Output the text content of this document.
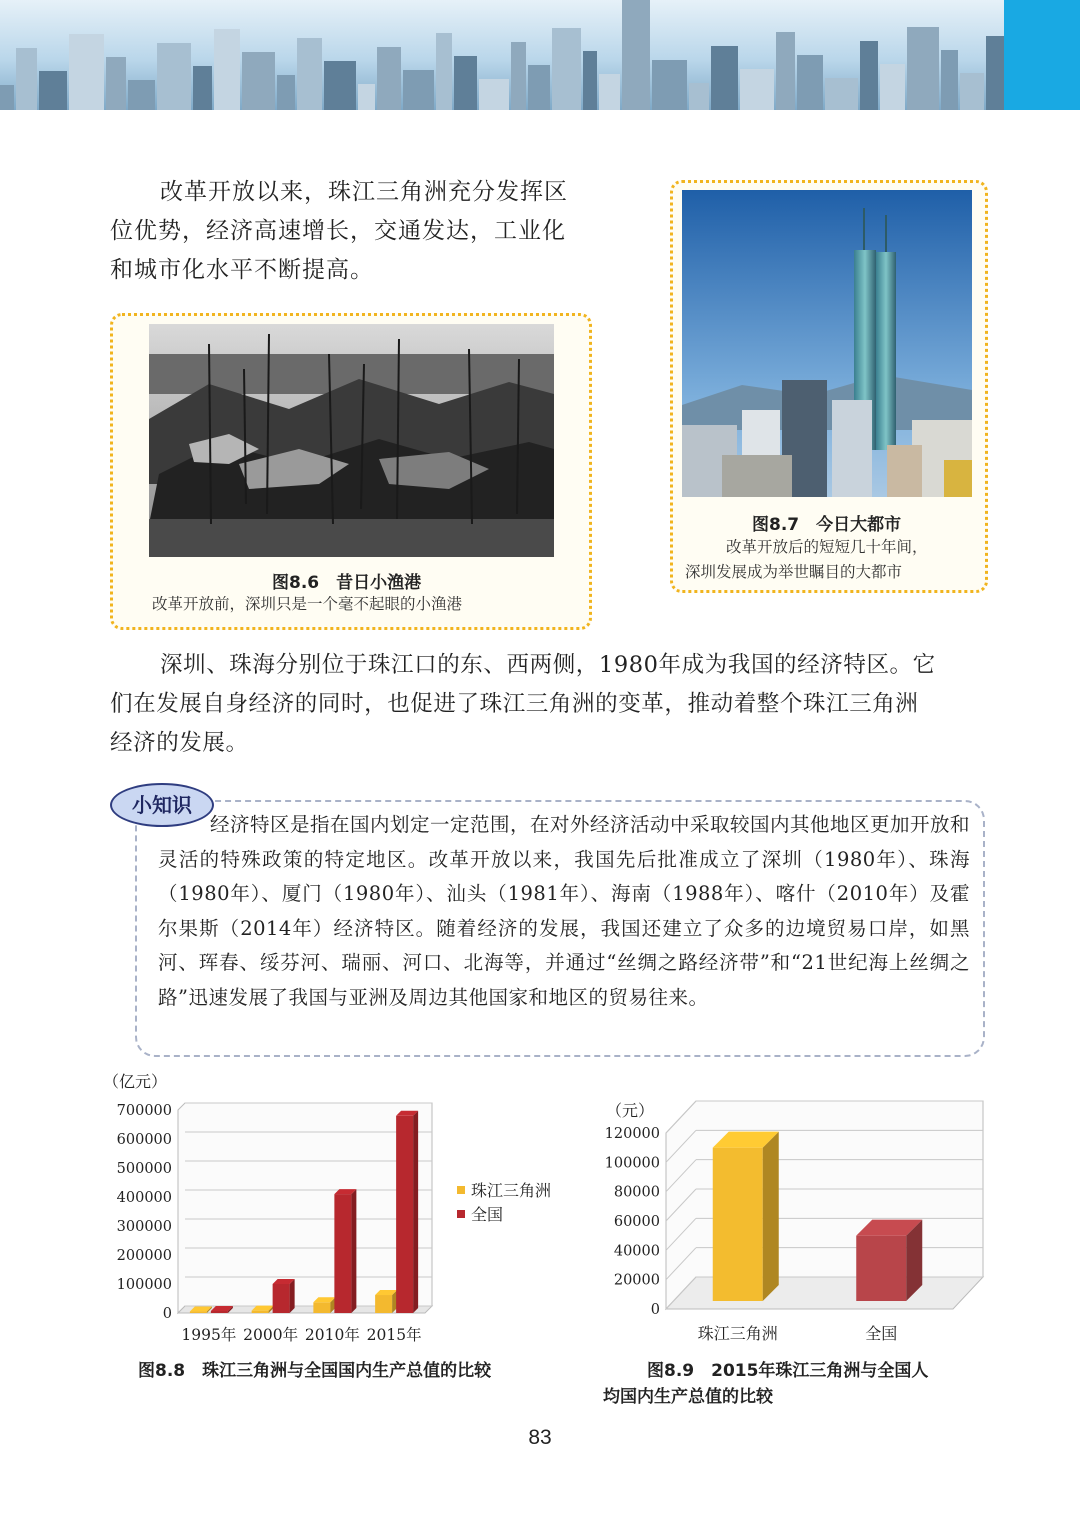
改革开放以来，珠江三角洲充分发挥区
位优势，经济高速增长，交通发达，工业化
和城市化水平不断提高。
图8.6　昔日小渔港
改革开放前，深圳只是一个毫不起眼的小渔港
图8.7　今日大都市
改革开放后的短短几十年间，
深圳发展成为举世瞩目的大都市
深圳、珠海分别位于珠江口的东、西两侧，1980年成为我国的经济特区。它
们在发展自身经济的同时，也促进了珠江三角洲的变革，推动着整个珠江三角洲
经济的发展。
小知识

经济特区是指在国内划定一定范围，在对外经济活动中采取较国内其他地区更加开放和灵活的特殊政策的特定地区。改革开放以来，我国先后批准成立了深圳（1980年）、珠海（1980年）、厦门（1980年）、汕头（1981年）、海南（1988年）、喀什（2010年）及霍尔果斯（2014年）经济特区。随着经济的发展，我国还建立了众多的边境贸易口岸，如黑河、珲春、绥芬河、瑞丽、河口、北海等，并通过“丝绸之路经济带”和“21世纪海上丝绸之路”迅速发展了我国与亚洲及周边其他国家和地区的贸易往来。

（亿元）
0
100000
200000
300000
400000
500000
600000
700000
1995年 2000年 2010年 2015年
珠江三角洲
全国
图8.8　珠江三角洲与全国国内生产总值的比较
（元）
0
20000
40000
60000
80000
100000
120000
珠江三角洲	全国
图8.9　2015年珠江三角洲与全国人
均国内生产总值的比较
83
